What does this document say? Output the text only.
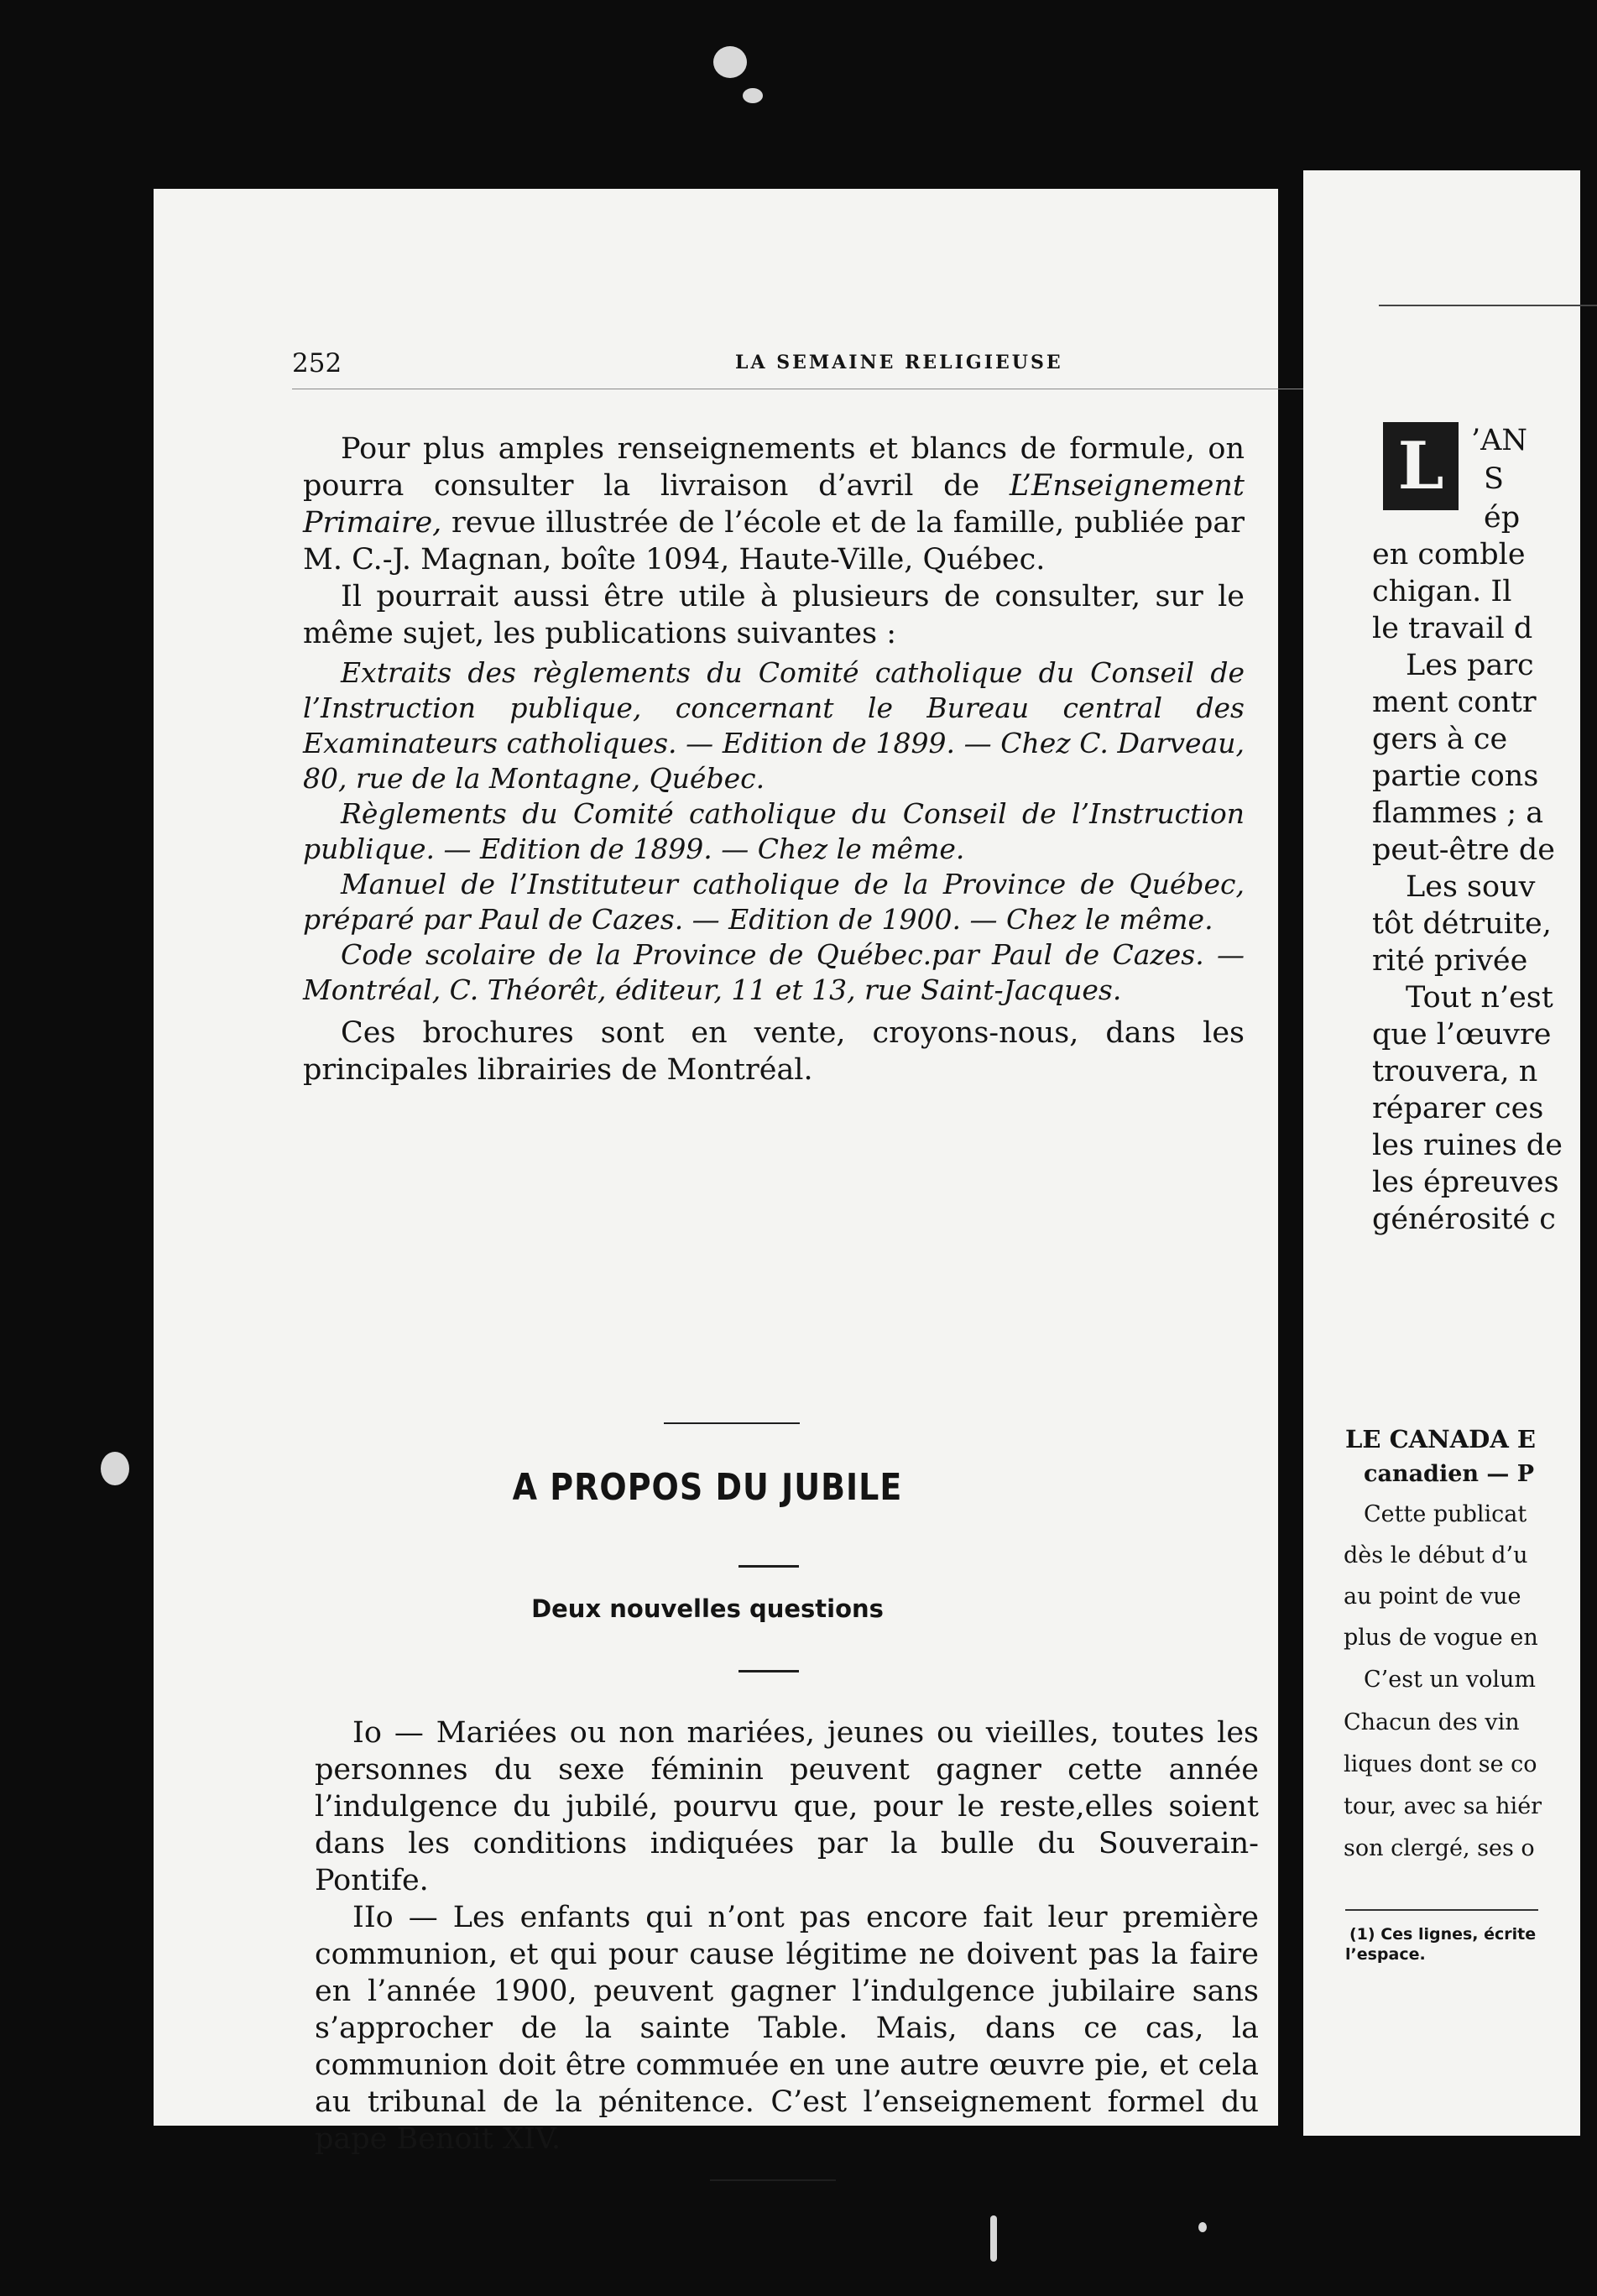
252	LA SEMAINE RELIGIEUSE

Pour plus amples renseignements et blancs de formule, on pourra consulter la livraison d’avril de L’Enseignement Primaire, revue illustrée de l’école et de la famille, publiée par M. C.-J. Magnan, boîte 1094, Haute-Ville, Québec.

Il pourrait aussi être utile à plusieurs de consulter, sur le même sujet, les publications suivantes :

Extraits des règlements du Comité catholique du Conseil de l’Instruction publique, concernant le Bureau central des Examinateurs catholiques. — Edition de 1899. — Chez C. Darveau, 80, rue de la Montagne, Québec.

Règlements du Comité catholique du Conseil de l’Instruction publique. — Edition de 1899. — Chez le même.

Manuel de l’Instituteur catholique de la Province de Québec, préparé par Paul de Cazes. — Edition de 1900. — Chez le même.

Code scolaire de la Province de Québec.par Paul de Cazes. — Montréal, C. Théorêt, éditeur, 11 et 13, rue Saint-Jacques.

Ces brochures sont en vente, croyons-nous, dans les principales librairies de Montréal.

A PROPOS DU JUBILE
Deux nouvelles questions

Io — Mariées ou non mariées, jeunes ou vieilles, toutes les personnes du sexe féminin peuvent gagner cette année l’indulgence du jubilé, pourvu que, pour le reste,elles soient dans les conditions indiquées par la bulle du Souverain-Pontife.

IIo — Les enfants qui n’ont pas encore fait leur première communion, et qui pour cause légitime ne doivent pas la faire en l’année 1900, peuvent gagner l’indulgence jubilaire sans s’approcher de la sainte Table. Mais, dans ce cas, la communion doit être commuée en une autre œuvre pie, et cela au tribunal de la pénitence. C’est l’enseignement formel du pape Benoit XIV.

L ’AN
S
ép
en comble
chigan. Il
le travail d
Les parc
ment contr
gers à ce
partie cons
flammes ; a
peut-être de
Les souv
tôt détruite,
rité privée
Tout n’est
que l’œuvre
trouvera, n
réparer ces
les ruines de
les épreuves
générosité c
LE CANADA E
canadien — P
Cette publicat
dès le début d’u
au point de vue
plus de vogue en
C’est un volum
Chacun des vin
liques dont se co
tour, avec sa hiér
son clergé, ses o
(1) Ces lignes, écrite
l’espace.
